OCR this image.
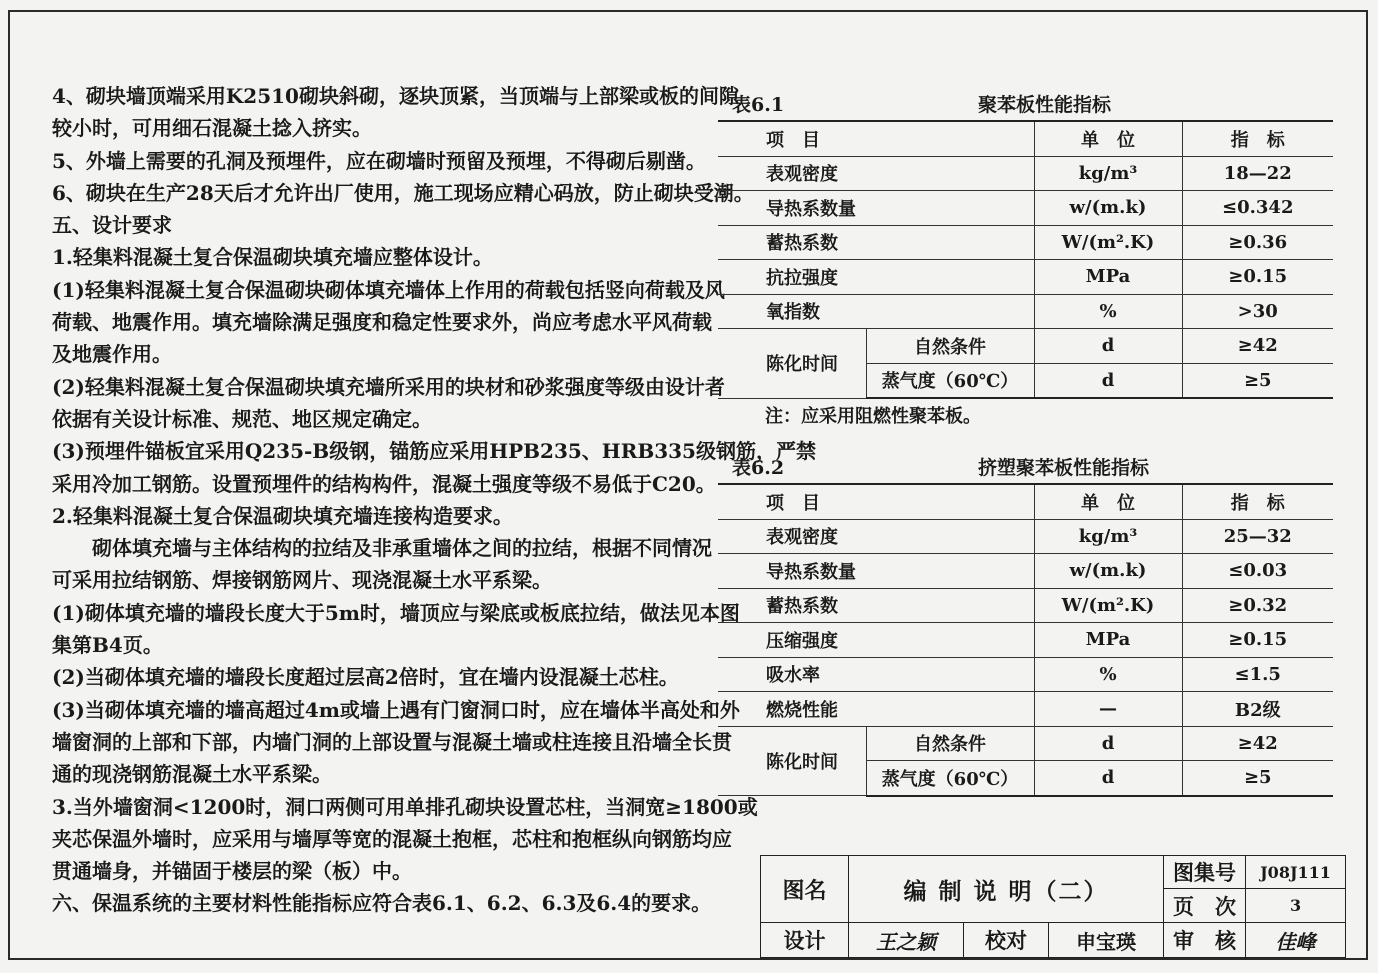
4、砌块墙顶端采用K2510砌块斜砌，逐块顶紧，当顶端与上部梁或板的间隙

较小时，可用细石混凝土捻入挤实。

5、外墙上需要的孔洞及预埋件，应在砌墙时预留及预埋，不得砌后剔凿。

6、砌块在生产28天后才允许出厂使用，施工现场应精心码放，防止砌块受潮。

五、设计要求

1.轻集料混凝土复合保温砌块填充墙应整体设计。

(1)轻集料混凝土复合保温砌块砌体填充墙体上作用的荷载包括竖向荷载及风

荷载、地震作用。填充墙除满足强度和稳定性要求外，尚应考虑水平风荷载

及地震作用。

(2)轻集料混凝土复合保温砌块填充墙所采用的块材和砂浆强度等级由设计者

依据有关设计标准、规范、地区规定确定。

(3)预埋件锚板宜采用Q235-B级钢，锚筋应采用HPB235、HRB335级钢筋，严禁

采用冷加工钢筋。设置预埋件的结构构件，混凝土强度等级不易低于C20。

2.轻集料混凝土复合保温砌块填充墙连接构造要求。

　　砌体填充墙与主体结构的拉结及非承重墙体之间的拉结，根据不同情况

可采用拉结钢筋、焊接钢筋网片、现浇混凝土水平系梁。

(1)砌体填充墙的墙段长度大于5m时，墙顶应与梁底或板底拉结，做法见本图

集第B4页。

(2)当砌体填充墙的墙段长度超过层高2倍时，宜在墙内设混凝土芯柱。

(3)当砌体填充墙的墙高超过4m或墙上遇有门窗洞口时，应在墙体半高处和外

墙窗洞的上部和下部，内墙门洞的上部设置与混凝土墙或柱连接且沿墙全长贯

通的现浇钢筋混凝土水平系梁。

3.当外墙窗洞<1200时，洞口两侧可用单排孔砌块设置芯柱，当洞宽≥1800或

夹芯保温外墙时，应采用与墙厚等宽的混凝土抱框，芯柱和抱框纵向钢筋均应

贯通墙身，并锚固于楼层的梁（板）中。

六、保温系统的主要材料性能指标应符合表6.1、6.2、6.3及6.4的要求。

表6.1	聚苯板性能指标
项　目		单　位	指　标
表观密度		kg/m³	18—22
导热系数量		w/(m.k)	≤0.342
蓄热系数		W/(m².K)	≥0.36
抗拉强度		MPa	≥0.15
氧指数		%	>30
陈化时间	自然条件	d	≥42
	蒸气度（60℃）	d	≥5
注：应采用阻燃性聚苯板。
表6.2	挤塑聚苯板性能指标
项　目		单　位	指　标
表观密度		kg/m³	25—32
导热系数量		w/(m.k)	≤0.03
蓄热系数		W/(m².K)	≥0.32
压缩强度		MPa	≥0.15
吸水率		%	≤1.5
燃烧性能		—	B2级
陈化时间	自然条件	d	≥42
	蒸气度（60℃）	d	≥5
图名	编 制 说 明（二）			图集号	J08J111
				页　次	3
设计	王之颖	校对	申宝瑛	审　核	佳峰
